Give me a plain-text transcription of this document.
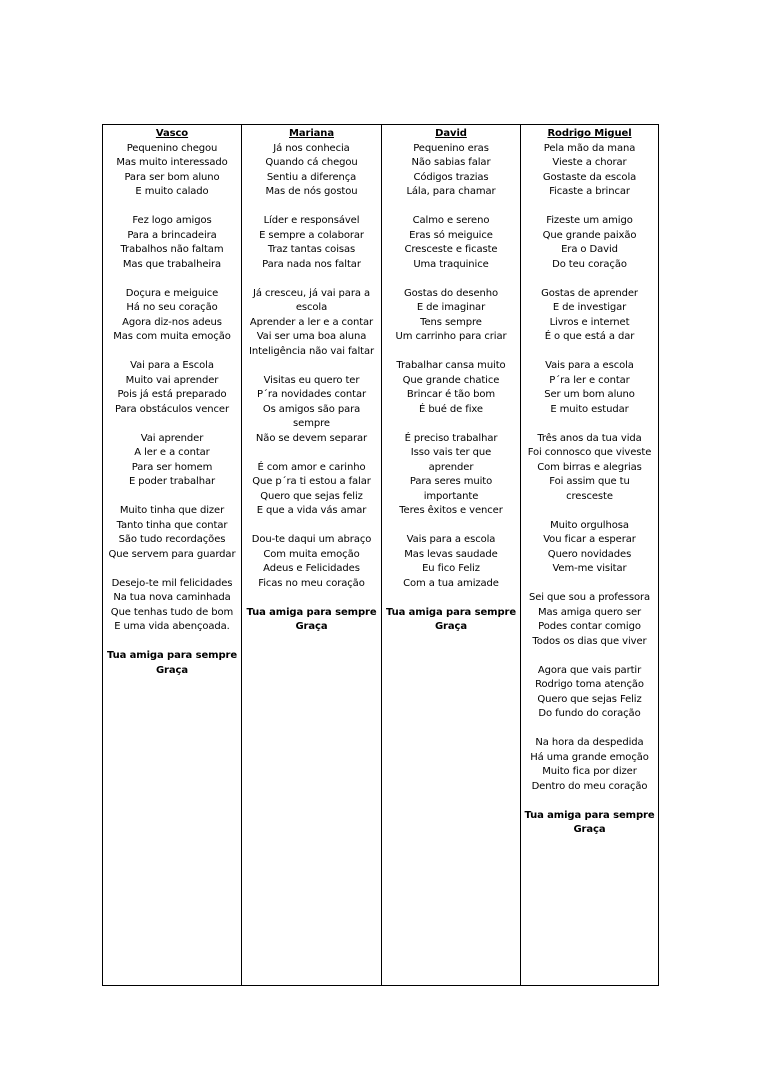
Vasco
Pequenino chegou
Mas muito interessado
Para ser bom aluno
E muito calado
Fez logo amigos
Para a brincadeira
Trabalhos não faltam
Mas que trabalheira
Doçura e meiguice
Há no seu coração
Agora diz-nos adeus
Mas com muita emoção
Vai para a Escola
Muito vai aprender
Pois já está preparado
Para obstáculos vencer
Vai aprender
A ler e a contar
Para ser homem
E poder trabalhar
Muito tinha que dizer
Tanto tinha que contar
São tudo recordações
Que servem para guardar
Desejo-te mil felicidades
Na tua nova caminhada
Que tenhas tudo de bom
E uma vida abençoada.
Tua amiga para sempre
Graça
Mariana
Já nos conhecia
Quando cá chegou
Sentiu a diferença
Mas de nós gostou
Líder e responsável
E sempre a colaborar
Traz tantas coisas
Para nada nos faltar
Já cresceu, já vai para a
escola
Aprender a ler e a contar
Vai ser uma boa aluna
Inteligência não vai faltar
Visitas eu quero ter
P´ra novidades contar
Os amigos são para
sempre
Não se devem separar
É com amor e carinho
Que p´ra ti estou a falar
Quero que sejas feliz
E que a vida vás amar
Dou-te daqui um abraço
Com muita emoção
Adeus e Felicidades
Ficas no meu coração
Tua amiga para sempre
Graça
David
Pequenino eras
Não sabias falar
Códigos trazias
Lála, para chamar
Calmo e sereno
Eras só meiguice
Cresceste e ficaste
Uma traquinice
Gostas do desenho
E de imaginar
Tens sempre
Um carrinho para criar
Trabalhar cansa muito
Que grande chatice
Brincar é tão bom
É bué de fixe
É preciso trabalhar
Isso vais ter que
aprender
Para seres muito
importante
Teres êxitos e vencer
Vais para a escola
Mas levas saudade
Eu fico Feliz
Com a tua amizade
Tua amiga para sempre
Graça
Rodrigo Miguel
Pela mão da mana
Vieste a chorar
Gostaste da escola
Ficaste a brincar
Fizeste um amigo
Que grande paixão
Era o David
Do teu coração
Gostas de aprender
E de investigar
Livros e internet
É o que está a dar
Vais para a escola
P´ra ler e contar
Ser um bom aluno
E muito estudar
Três anos da tua vida
Foi connosco que viveste
Com birras e alegrias
Foi assim que tu
cresceste
Muito orgulhosa
Vou ficar a esperar
Quero novidades
Vem-me visitar
Sei que sou a professora
Mas amiga quero ser
Podes contar comigo
Todos os dias que viver
Agora que vais partir
Rodrigo toma atenção
Quero que sejas Feliz
Do fundo do coração
Na hora da despedida
Há uma grande emoção
Muito fica por dizer
Dentro do meu coração
Tua amiga para sempre
Graça
